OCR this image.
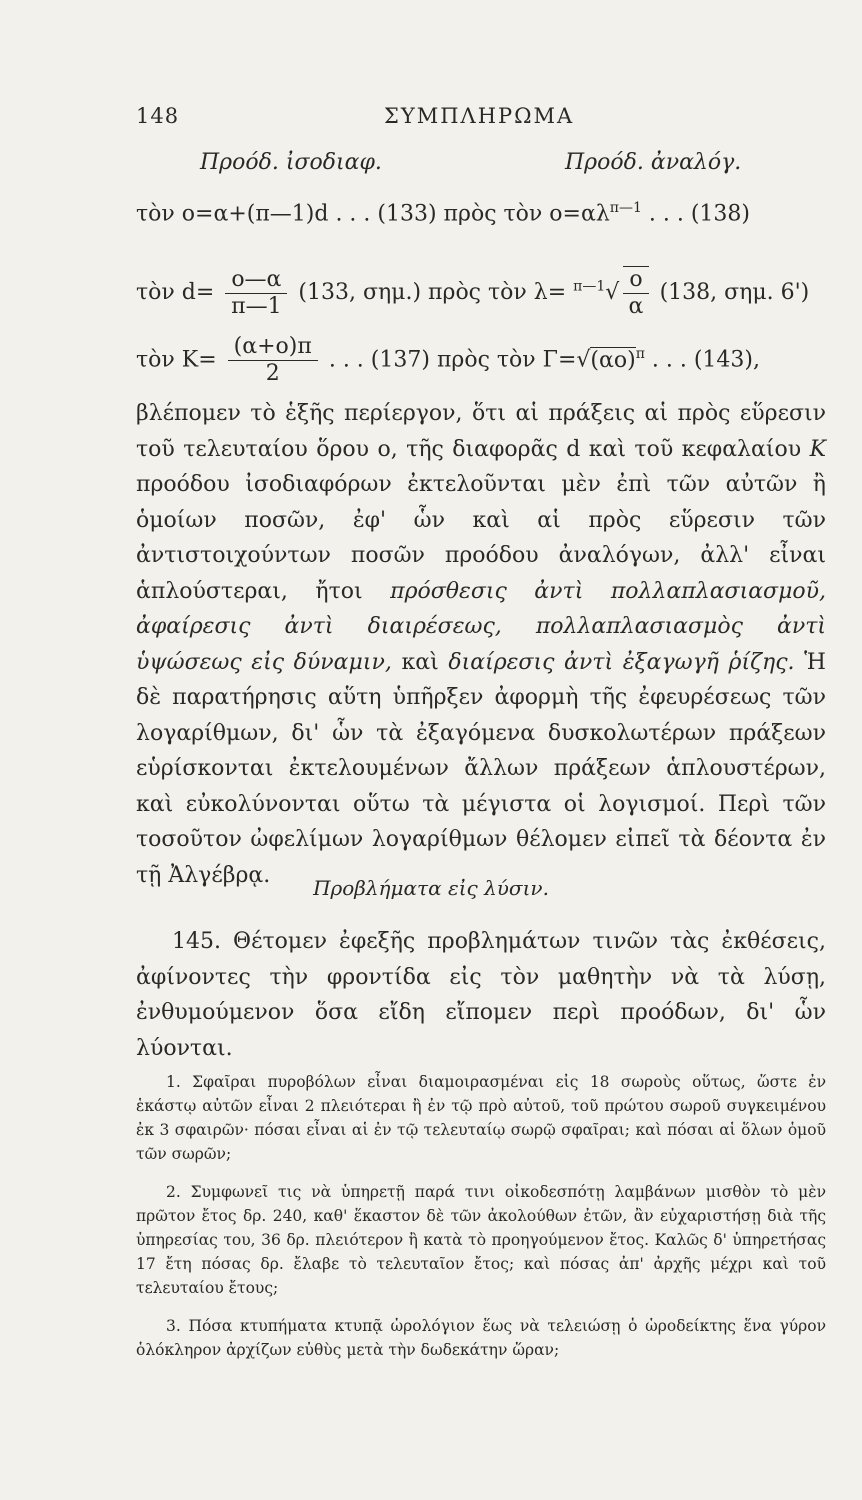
148	ΣΥΜΠΛΗΡΩΜΑ
Προόδ. ἰσοδιαφ.	Προόδ. ἀναλόγ.
τὸν ο=α+(π—1)d . . . (133) πρὸς τὸν $o=\alpha\lambda^{\pi—1}$ . . . (138)
τὸν $d= \frac{o—\alpha}{\pi—1} (133$, σημ.) πρὸς τὸν $\lambda= ^{\pi—1}√ \frac{o}{\alpha} (138$, σημ. 6')
τὸν $K= \frac{(\alpha+o)\pi}{2}$ . . . (137) πρὸς τὸν $\Gamma=√(\alpha o)^\pi$ . . . (143),
βλέπομεν τὸ ἑξῆς περίεργον, ὅτι αἱ πράξεις αἱ πρὸς εὕρεσιν τοῦ τελευταίου ὅρου ο, τῆς διαφορᾶς d καὶ τοῦ κεφαλαίου Κ προόδου ἰσοδιαφόρων ἐκτελοῦνται μὲν ἐπὶ τῶν αὐτῶν ἢ ὁμοίων ποσῶν, ἐφ' ὧν καὶ αἱ πρὸς εὕρεσιν τῶν ἀντιστοιχούντων ποσῶν προόδου ἀναλόγων, ἀλλ' εἶναι ἁπλούστεραι, ἤτοι πρόσθεσις ἀντὶ πολλαπλασιασμοῦ, ἀφαίρεσις ἀντὶ διαιρέσεως, πολλαπλασιασμὸς ἀντὶ ὑψώσεως εἰς δύναμιν, καὶ διαίρεσις ἀντὶ ἐξαγωγῆ ῥίζης. Ἡ δὲ παρατήρησις αὕτη ὑπῆρξεν ἀφορμὴ τῆς ἐφευρέσεως τῶν λογαρίθμων, δι' ὧν τὰ ἐξαγόμενα δυσκολωτέρων πράξεων εὑρίσκονται ἐκτελουμένων ἄλλων πράξεων ἁπλουστέρων, καὶ εὐκολύνονται οὕτω τὰ μέγιστα οἱ λογισμοί. Περὶ τῶν τοσοῦτον ὠφελίμων λογαρίθμων θέλομεν εἰπεῖ τὰ δέοντα ἐν τῇ Ἀλγέβρᾳ.
Προβλήματα εἰς λύσιν.
145. Θέτομεν ἐφεξῆς προβλημάτων τινῶν τὰς ἐκθέσεις, ἀφίνοντες τὴν φροντίδα εἰς τὸν μαθητὴν νὰ τὰ λύσῃ, ἐνθυμούμενον ὅσα εἴδη εἴπομεν περὶ προόδων, δι' ὧν λύονται.

1. Σφαῖραι πυροβόλων εἶναι διαμοιρασμέναι εἰς 18 σωροὺς οὕτως, ὥστε ἐν ἑκάστῳ αὐτῶν εἶναι 2 πλειότεραι ἢ ἐν τῷ πρὸ αὐτοῦ, τοῦ πρώτου σωροῦ συγκειμένου ἐκ 3 σφαιρῶν· πόσαι εἶναι αἱ ἐν τῷ τελευταίῳ σωρῷ σφαῖραι; καὶ πόσαι αἱ ὅλων ὁμοῦ τῶν σωρῶν;

2. Συμφωνεῖ τις νὰ ὑπηρετῇ παρά τινι οἰκοδεσπότῃ λαμβάνων μισθὸν τὸ μὲν πρῶτον ἔτος δρ. 240, καθ' ἕκαστον δὲ τῶν ἀκολούθων ἐτῶν, ἂν εὐχαριστήσῃ διὰ τῆς ὑπηρεσίας του, 36 δρ. πλειότερον ἢ κατὰ τὸ προηγούμενον ἔτος. Καλῶς δ' ὑπηρετήσας 17 ἔτη πόσας δρ. ἔλαβε τὸ τελευταῖον ἔτος; καὶ πόσας ἀπ' ἀρχῆς μέχρι καὶ τοῦ τελευταίου ἔτους;

3. Πόσα κτυπήματα κτυπᾷ ὡρολόγιον ἕως νὰ τελειώσῃ ὁ ὡροδείκτης ἕνα γύρον ὁλόκληρον ἀρχίζων εὐθὺς μετὰ τὴν δωδεκάτην ὥραν;
